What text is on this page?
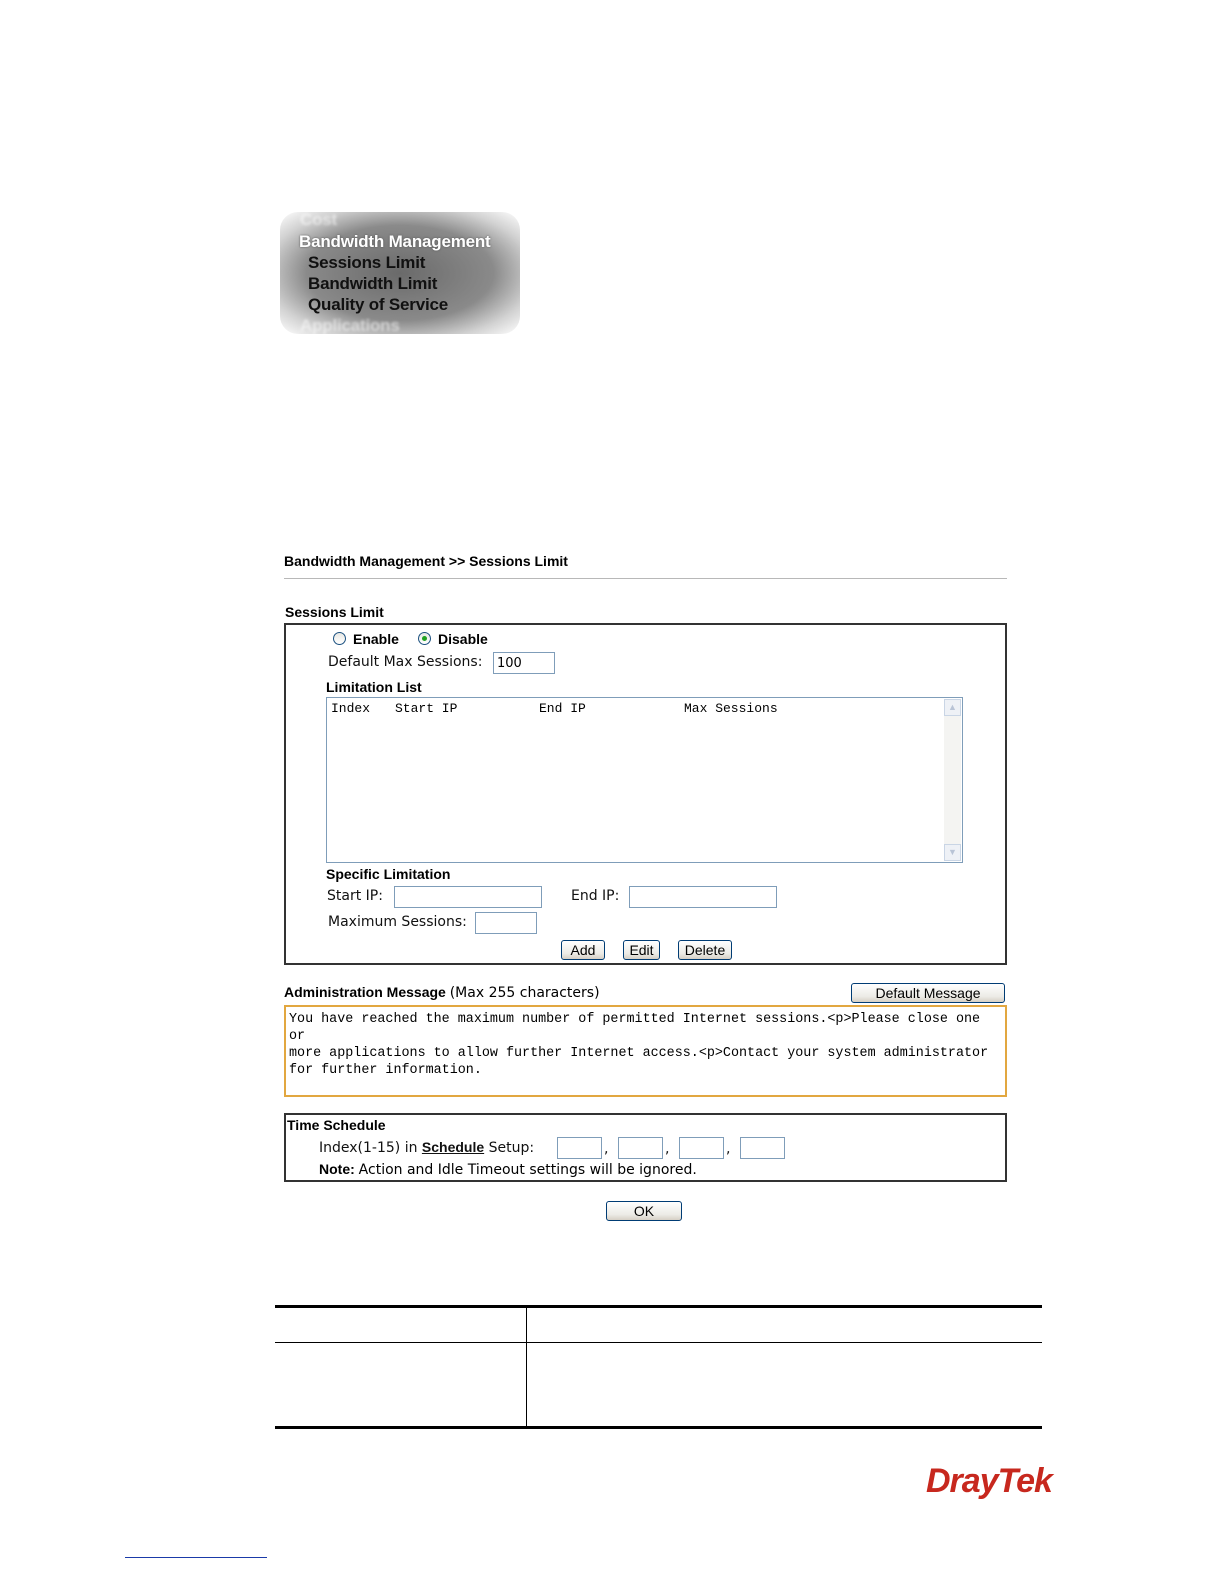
Cost
Bandwidth Management
Sessions Limit
Bandwidth Limit
Quality of Service
Applications
Bandwidth Management >> Sessions Limit
Sessions Limit
Enable	Disable
Default Max Sessions:
100
Limitation List
Index Start IP	End IP	Max Sessions	▲
▼
Specific Limitation
Start IP:	End IP:
Maximum Sessions:
Add	Edit	Delete
Administration Message (Max 255 characters)	Default Message
You have reached the maximum number of permitted Internet sessions.<p>Please close one or
more applications to allow further Internet access.<p>Contact your system administrator
for further information.
Time Schedule
Index(1-15) in Schedule Setup:	,	,	,
Note: Action and Idle Timeout settings will be ignored.
OK
DrayTek
